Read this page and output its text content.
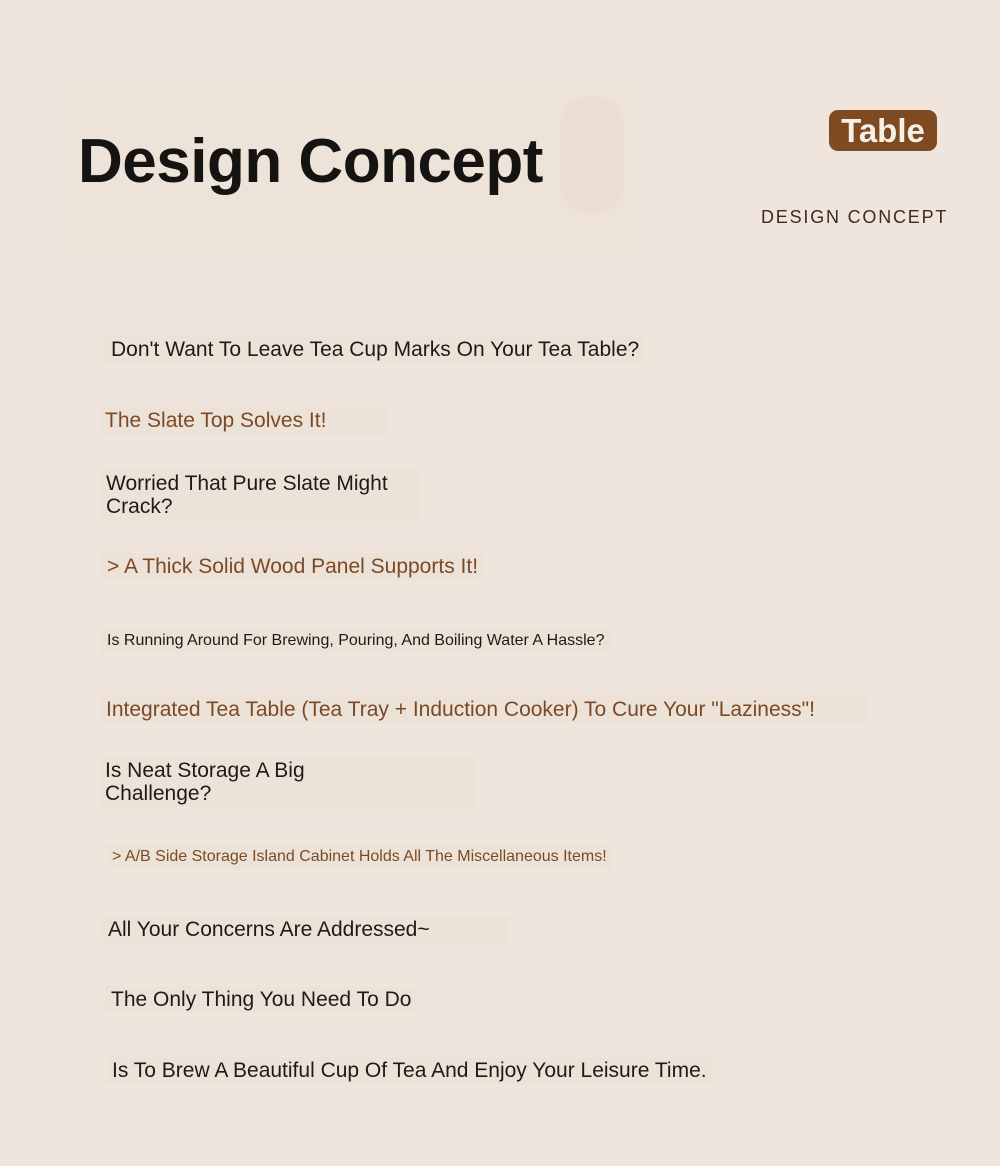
Design Concept	Table
DESIGN CONCEPT

Don't Want To Leave Tea Cup Marks On Your Tea Table?

The Slate Top Solves It!

Worried That Pure Slate Might Crack?

> A Thick Solid Wood Panel Supports It!

Is Running Around For Brewing, Pouring, And Boiling Water A Hassle?

Integrated Tea Table (Tea Tray + Induction Cooker) To Cure Your "Laziness"!

Is Neat Storage A Big Challenge?

> A/B Side Storage Island Cabinet Holds All The Miscellaneous Items!

All Your Concerns Are Addressed~

The Only Thing You Need To Do

Is To Brew A Beautiful Cup Of Tea And Enjoy Your Leisure Time.
